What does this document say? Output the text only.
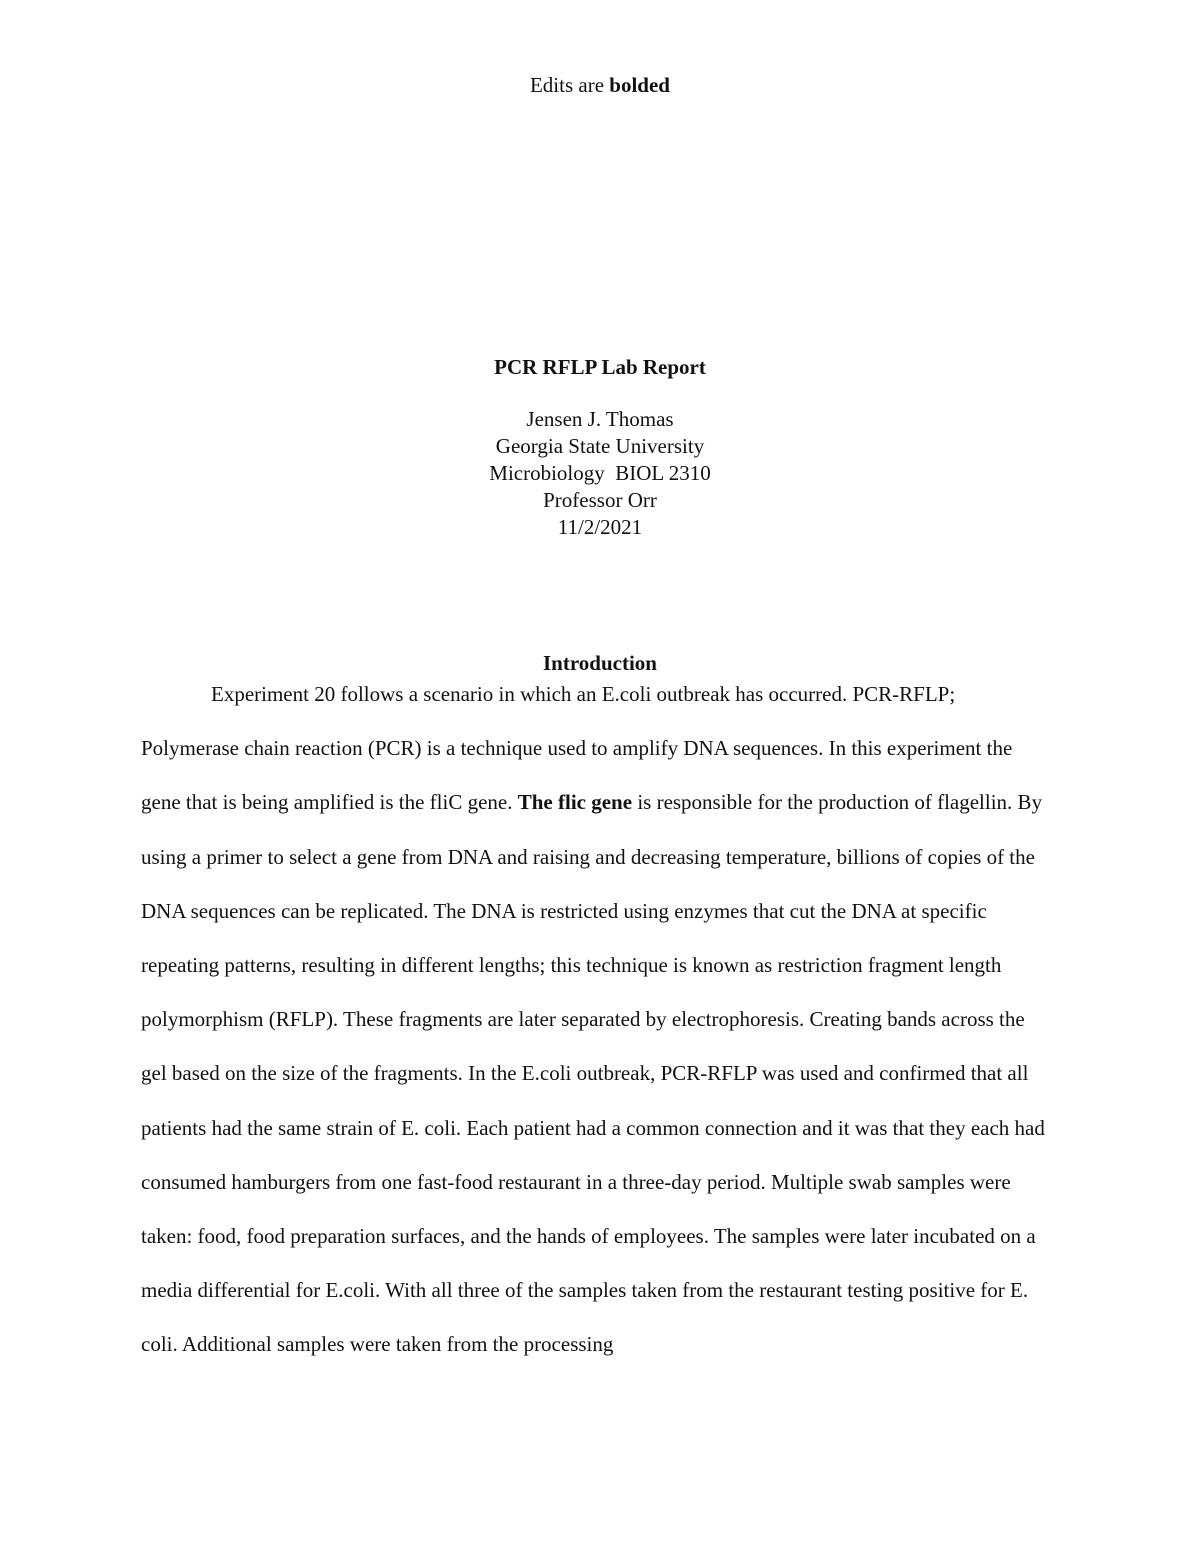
Edits are bolded
PCR RFLP Lab Report
Jensen J. Thomas
Georgia State University
Microbiology  BIOL 2310
Professor Orr
11/2/2021
Introduction

Experiment 20 follows a scenario in which an E.coli outbreak has occurred. PCR-RFLP; Polymerase chain reaction (PCR) is a technique used to amplify DNA sequences. In this experiment the gene that is being amplified is the fliC gene. The flic gene is responsible for the production of flagellin. By using a primer to select a gene from DNA and raising and decreasing temperature, billions of copies of the DNA sequences can be replicated. The DNA is restricted using enzymes that cut the DNA at specific repeating patterns, resulting in different lengths; this technique is known as restriction fragment length polymorphism (RFLP). These fragments are later separated by electrophoresis. Creating bands across the gel based on the size of the fragments. In the E.coli outbreak, PCR-RFLP was used and confirmed that all patients had the same strain of E. coli. Each patient had a common connection and it was that they each had consumed hamburgers from one fast-food restaurant in a three-day period. Multiple swab samples were taken: food, food preparation surfaces, and the hands of employees. The samples were later incubated on a media differential for E.coli. With all three of the samples taken from the restaurant testing positive for E. coli. Additional samples were taken from the processing
